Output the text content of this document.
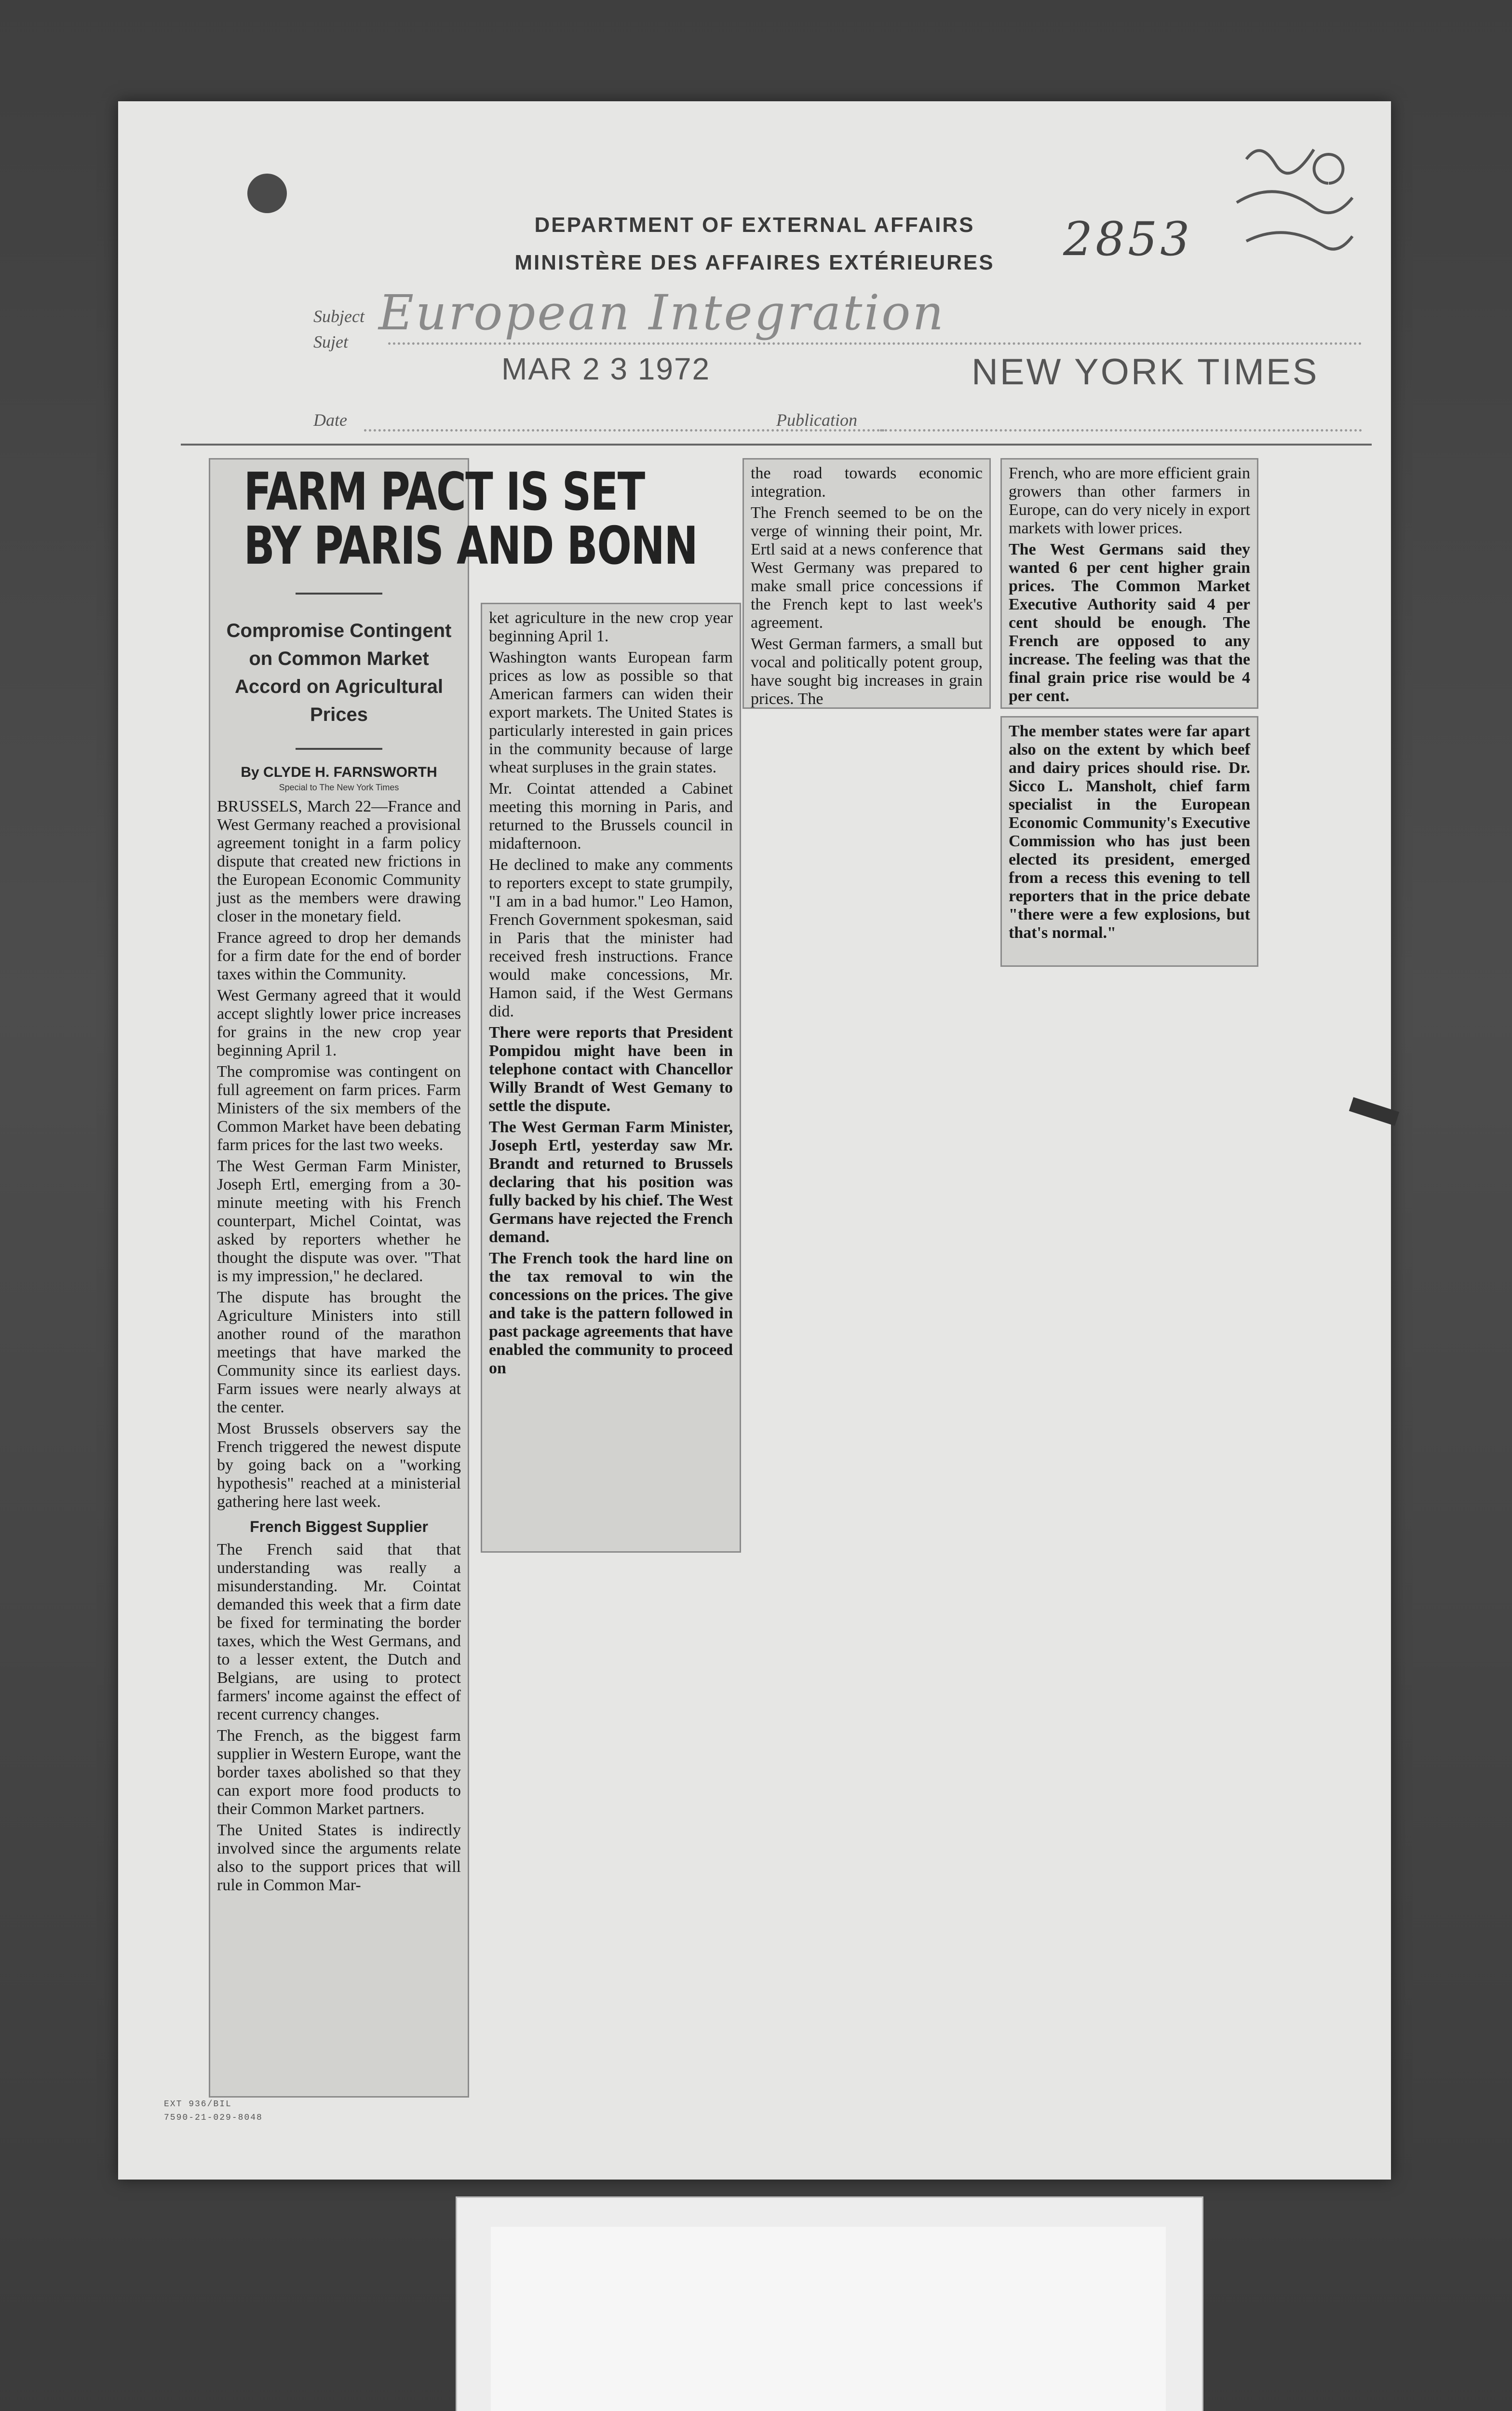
DEPARTMENT OF EXTERNAL AFFAIRS
MINISTÈRE DES AFFAIRES EXTÉRIEURES	2853
Subject
Sujet
European Integration
MAR 2 3 1972	NEW YORK TIMES
Date	Publication
FARM PACT IS SET
BY PARIS AND BONN
Compromise Contingent on Common Market Accord on Agricultural Prices
By CLYDE H. FARNSWORTH
Special to The New York Times

BRUSSELS, March 22—France and West Germany reached a provisional agreement tonight in a farm policy dispute that created new frictions in the European Economic Community just as the members were drawing closer in the monetary field.

France agreed to drop her demands for a firm date for the end of border taxes within the Community.

West Germany agreed that it would accept slightly lower price increases for grains in the new crop year beginning April 1.

The compromise was contingent on full agreement on farm prices. Farm Ministers of the six members of the Common Market have been debating farm prices for the last two weeks.

The West German Farm Minister, Joseph Ertl, emerging from a 30-minute meeting with his French counterpart, Michel Cointat, was asked by reporters whether he thought the dispute was over. "That is my impression," he declared.

The dispute has brought the Agriculture Ministers into still another round of the marathon meetings that have marked the Community since its earliest days. Farm issues were nearly always at the center.

Most Brussels observers say the French triggered the newest dispute by going back on a "working hypothesis" reached at a ministerial gathering here last week.

French Biggest Supplier

The French said that that understanding was really a misunderstanding. Mr. Cointat demanded this week that a firm date be fixed for terminating the border taxes, which the West Germans, and to a lesser extent, the Dutch and Belgians, are using to protect farmers' income against the effect of recent currency changes.

The French, as the biggest farm supplier in Western Europe, want the border taxes abolished so that they can export more food products to their Common Market partners.

The United States is indirectly involved since the arguments relate also to the support prices that will rule in Common Mar-

ket agriculture in the new crop year beginning April 1.

Washington wants European farm prices as low as possible so that American farmers can widen their export markets. The United States is particularly interested in gain prices in the community because of large wheat surpluses in the grain states.

Mr. Cointat attended a Cabinet meeting this morning in Paris, and returned to the Brussels council in midafternoon.

He declined to make any comments to reporters except to state grumpily, "I am in a bad humor." Leo Hamon, French Government spokesman, said in Paris that the minister had received fresh instructions. France would make concessions, Mr. Hamon said, if the West Germans did.

There were reports that President Pompidou might have been in telephone contact with Chancellor Willy Brandt of West Gemany to settle the dispute.

The West German Farm Minister, Joseph Ertl, yesterday saw Mr. Brandt and returned to Brussels declaring that his position was fully backed by his chief. The West Germans have rejected the French demand.

The French took the hard line on the tax removal to win the concessions on the prices. The give and take is the pattern followed in past package agreements that have enabled the community to proceed on

the road towards economic integration.

The French seemed to be on the verge of winning their point, Mr. Ertl said at a news conference that West Germany was prepared to make small price concessions if the French kept to last week's agreement.

West German farmers, a small but vocal and politically potent group, have sought big increases in grain prices. The

French, who are more efficient grain growers than other farmers in Europe, can do very nicely in export markets with lower prices.

The West Germans said they wanted 6 per cent higher grain prices. The Common Market Executive Authority said 4 per cent should be enough. The French are opposed to any increase. The feeling was that the final grain price rise would be 4 per cent.

The member states were far apart also on the extent by which beef and dairy prices should rise. Dr. Sicco L. Mansholt, chief farm specialist in the European Economic Community's Executive Commission who has just been elected its president, emerged from a recess this evening to tell reporters that in the price debate "there were a few explosions, but that's normal."

EXT 936/BIL
7590-21-029-8048
